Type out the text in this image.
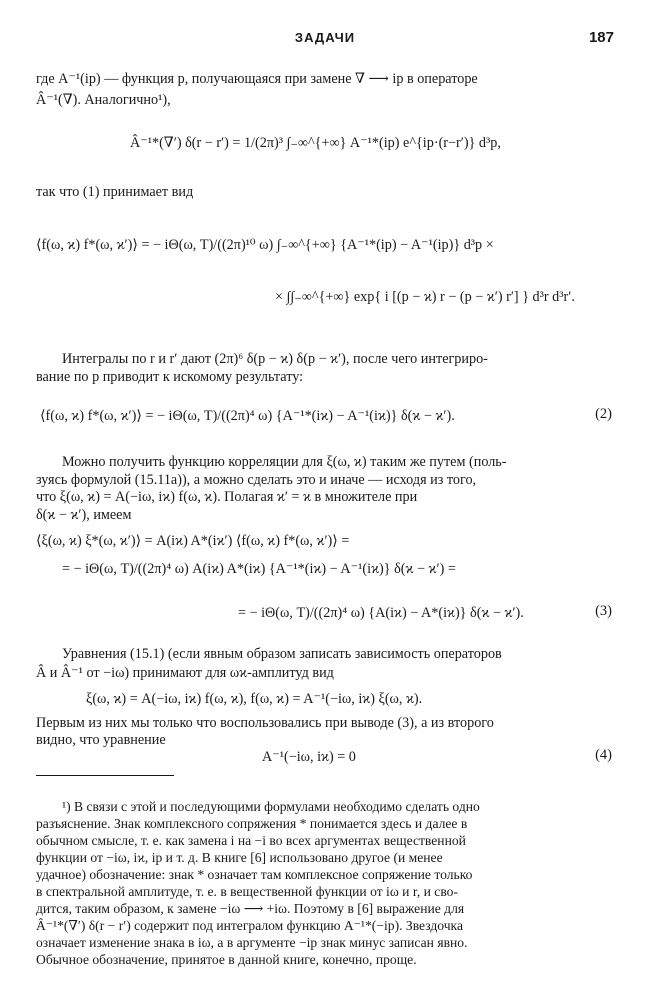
ЗАДАЧИ	187
где A⁻¹(ip) — функция p, получающаяся при замене ∇ ⟶ ip в операторе
Â⁻¹(∇). Аналогично¹),
Â⁻¹*(∇′) δ(r − r′) = 1/(2π)³ ∫₋∞^{+∞} A⁻¹*(ip) e^{ip·(r−r′)} d³p,
так что (1) принимает вид
⟨f(ω, ϰ) f*(ω, ϰ′)⟩ = − iΘ(ω, T)/((2π)¹⁰ ω) ∫₋∞^{+∞} {A⁻¹*(ip) − A⁻¹(ip)} d³p ×
× ∫∫₋∞^{+∞} exp{ i [(p − ϰ) r − (p − ϰ′) r′] } d³r d³r′.
Интегралы по r и r′ дают (2π)⁶ δ(p − ϰ) δ(p − ϰ′), после чего интегриро-
вание по p приводит к искомому результату:
⟨f(ω, ϰ) f*(ω, ϰ′)⟩ = − iΘ(ω, T)/((2π)⁴ ω) {A⁻¹*(iϰ) − A⁻¹(iϰ)} δ(ϰ − ϰ′).	(2)
Можно получить функцию корреляции для ξ(ω, ϰ) таким же путем (поль-
зуясь формулой (15.11a)), а можно сделать это и иначе — исходя из того,
что ξ(ω, ϰ) = A(−iω, iϰ) f(ω, ϰ). Полагая ϰ′ = ϰ в множителе при
δ(ϰ − ϰ′), имеем
⟨ξ(ω, ϰ) ξ*(ω, ϰ′)⟩ = A(iϰ) A*(iϰ′) ⟨f(ω, ϰ) f*(ω, ϰ′)⟩ =
= − iΘ(ω, T)/((2π)⁴ ω) A(iϰ) A*(iϰ) {A⁻¹*(iϰ) − A⁻¹(iϰ)} δ(ϰ − ϰ′) =
= − iΘ(ω, T)/((2π)⁴ ω) {A(iϰ) − A*(iϰ)} δ(ϰ − ϰ′).	(3)
Уравнения (15.1) (если явным образом записать зависимость операторов
Â и Â⁻¹ от −iω) принимают для ωϰ-амплитуд вид
ξ(ω, ϰ) = A(−iω, iϰ) f(ω, ϰ), f(ω, ϰ) = A⁻¹(−iω, iϰ) ξ(ω, ϰ).
Первым из них мы только что воспользовались при выводе (3), а из второго
видно, что уравнение
A⁻¹(−iω, iϰ) = 0	(4)
¹) В связи с этой и последующими формулами необходимо сделать одно
разъяснение. Знак комплексного сопряжения * понимается здесь и далее в
обычном смысле, т. е. как замена i на −i во всех аргументах вещественной
функции от −iω, iϰ, ip и т. д. В книге [6] использовано другое (и менее
удачное) обозначение: знак * означает там комплексное сопряжение только
в спектральной амплитуде, т. е. в вещественной функции от iω и r, и сво-
дится, таким образом, к замене −iω ⟶ +iω. Поэтому в [6] выражение для
Â⁻¹*(∇′) δ(r − r′) содержит под интегралом функцию A⁻¹*(−ip). Звездочка
означает изменение знака в iω, а в аргументе −ip знак минус записан явно.
Обычное обозначение, принятое в данной книге, конечно, проще.
